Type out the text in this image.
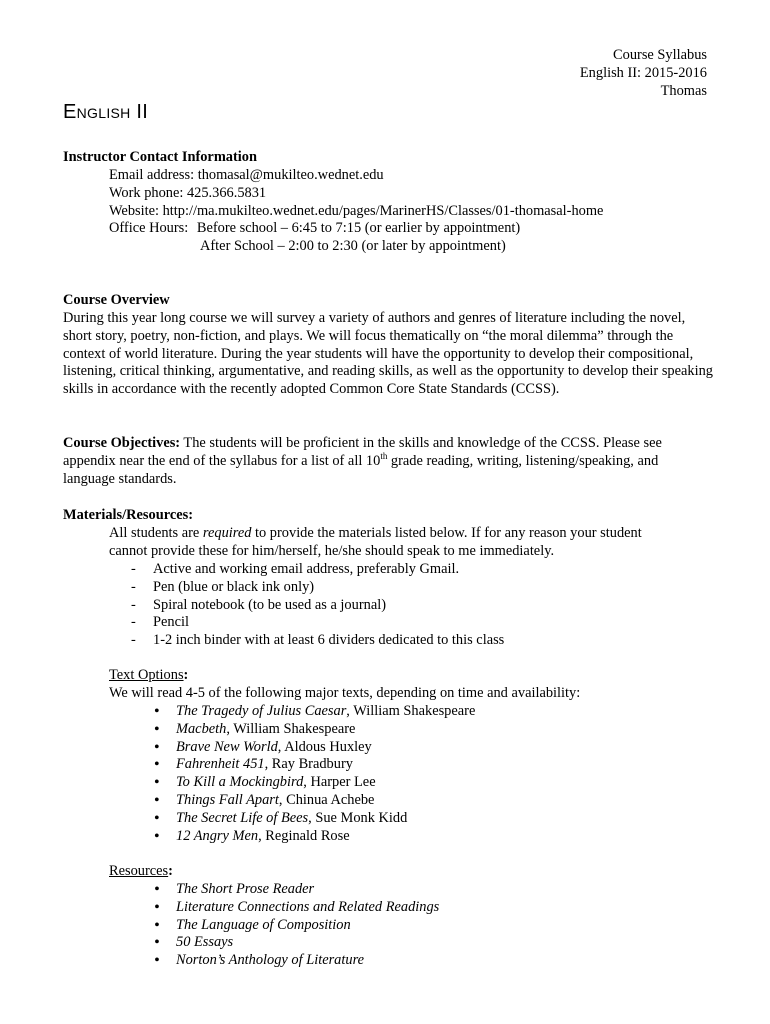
Course Syllabus
English II: 2015-2016
Thomas
English II
Instructor Contact Information
Email address: thomasal@mukilteo.wednet.edu
Work phone: 425.366.5831
Website: http://ma.mukilteo.wednet.edu/pages/MarinerHS/Classes/01-thomasal-home
Office Hours: Before school – 6:45 to 7:15 (or earlier by appointment)
After School – 2:00 to 2:30 (or later by appointment)
Course Overview
During this year long course we will survey a variety of authors and genres of literature including the novel, short story, poetry, non-fiction, and plays. We will focus thematically on “the moral dilemma” through the context of world literature. During the year students will have the opportunity to develop their compositional, listening, critical thinking, argumentative, and reading skills, as well as the opportunity to develop their speaking skills in accordance with the recently adopted Common Core State Standards (CCSS).
Course Objectives: The students will be proficient in the skills and knowledge of the CCSS. Please see appendix near the end of the syllabus for a list of all 10th grade reading, writing, listening/speaking, and language standards.
Materials/Resources:
All students are required to provide the materials listed below. If for any reason your student
cannot provide these for him/herself, he/she should speak to me immediately.
- Active and working email address, preferably Gmail.
- Pen (blue or black ink only)
- Spiral notebook (to be used as a journal)
- Pencil
- 1-2 inch binder with at least 6 dividers dedicated to this class
Text Options:
We will read 4-5 of the following major texts, depending on time and availability:
• The Tragedy of Julius Caesar, William Shakespeare
• Macbeth, William Shakespeare
• Brave New World, Aldous Huxley
• Fahrenheit 451, Ray Bradbury
• To Kill a Mockingbird, Harper Lee
• Things Fall Apart, Chinua Achebe
• The Secret Life of Bees, Sue Monk Kidd
• 12 Angry Men, Reginald Rose
Resources:
• The Short Prose Reader
• Literature Connections and Related Readings
• The Language of Composition
• 50 Essays
• Norton’s Anthology of Literature
